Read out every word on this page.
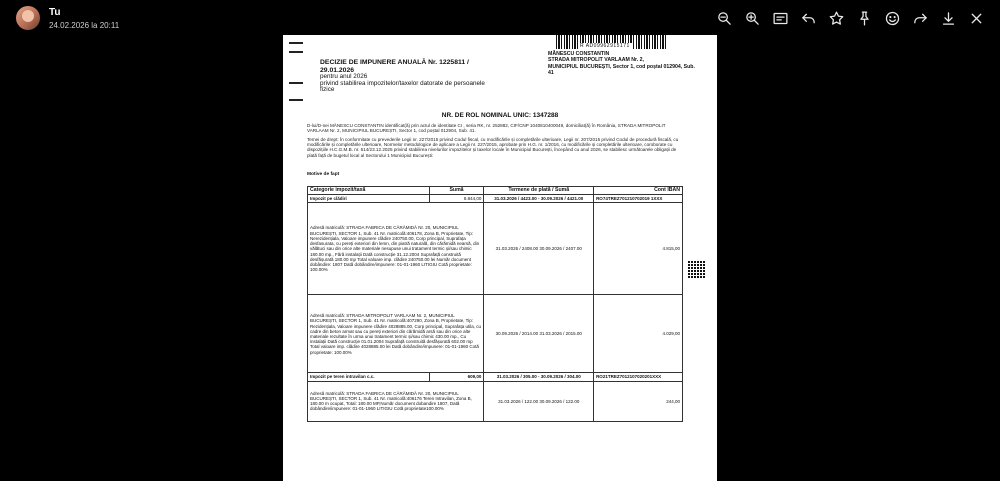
Tu
24.02.2026 la 20:11
R AD09962915171
DECIZIE DE IMPUNERE ANUALĂ Nr. 1225811 / 29.01.2026
pentru anul 2026
privind stabilirea impozitelor/taxelor datorate de persoanele fizice
MĂNESCU CONSTANTIN
STRADA MITROPOLIT VARLAAM Nr. 2,
MUNICIPIUL BUCUREȘTI, Sector 1, cod poștal 012904, Sub. 41
NR. DE ROL NOMINAL UNIC: 1347288
D-lui/D-nei MĂNESCU CONSTANTIN identificat(ă) prin actul de identitate CI , seria RK, nr. 252882, CIF/CNP 1040810400049, domiciliat(ă) în România, STRADA MITROPOLIT VARLAAM Nr. 2, MUNICIPIUL BUCUREȘTI, Sector 1, cod poștal 012904, Sub. 41.
Temei de drept: În conformitate cu prevederile Legii nr. 227/2015 privind Codul fiscal, cu modificările și completările ulterioare, Legii nr. 207/2015 privind Codul de procedură fiscală, cu modificările și completările ulterioare, Normelor metodologice de aplicare a Legii nr. 227/2015, aprobate prin H.G. nr. 1/2016, cu modificările și completările ulterioare, coroborate cu dispozițiile H.C.G.M.B. nr. 514/23.12.2025 privind stabilirea nivelurilor impozitelor și taxelor locale în Municipiul București, începând cu anul 2026, se stabilesc următoarele obligații de plată față de bugetul local al Sectorului 1 Municipiul București:
Motive de fapt
Categorie impozit/taxă	Sumă	Termene de plată / Sumă	Cont IBAN
Impozit pe clădiri	8.844,00	31.03.2026 / 4423.00 - 30.09.2026 / 4421.00	RO74TREZ701210702019 1XXX
Adresă matricolă: STRADA FABRICA DE CĂRĂMIDĂ Nr. 20, MUNICIPIUL BUCUREȘTI, SECTOR 1, Sub. 41 Nr. matricolă:406178, Zona B, Proprietate, Tip: Nerezidențiala, Valoare impunere clădire 240750.00, Corp principal, Suprafața desfasurata, cu pereți exteriori din lemn, din piatră naturală, din cărămidă nearsă, din vălătuci sau din orice alte materiale nesupuse unui tratament termic și/sau chimic 180.00 mp., Fără instalații Dată construcție 31.12.2004 Suprafață construită desfășurată 180.00 mp Total valoare imp. clădire 240750.00 lei Număr document dobândire: 1807 Dată dobândire/impunere: 01-01-1960 LITIGIU Cotă proprietate: 100.00%		31.03.2026 / 2408.00 30.09.2026 / 2407.00	4.815,00
Adresă matricolă: STRADA MITROPOLIT VARLAAM Nr. 2, MUNICIPIUL BUCUREȘTI, SECTOR 1, Sub. 41 Nr. matricolă:407290, Zona B, Proprietate, Tip: Rezidențiala, Valoare impunere clădire 4028885.00, Corp principal, Suprafața utila, cu cadre din beton armat sau cu pereți exteriori din cărămidă arsă sau din orice alte materiale rezultate în urma unui tratament termic și/sau chimic 430.00 mp., Cu instalații Dată construcție 01.01.2004 Suprafață construită desfășurată 602.00 mp Total valoare imp. clădire 4028885.00 lei Dată dobândire/impunere: 01-01-1960 Cotă proprietate: 100.00%		30.09.2026 / 2014.00 31.03.2026 / 2015.00	4.029,00
Impozit pe teren intravilan c.c.	609,00	31.03.2026 / 305.00 - 30.09.2026 / 304.00	RO21TREZ7012107020201XXX
Adresă matricolă: STRADA FABRICA DE CĂRĂMIDĂ Nr. 20, MUNICIPIUL BUCUREȘTI, SECTOR 1, Sub. 41 Nr. matricolă:406176 Teren Intravilan, Zona B, 180.00 m ocupat, Total: 180.00 MP,Număr document dobandire 1807, Dată dobândire/impunere: 01-01-1960 LITIGIU Cotă proprietate100.00%		31.03.2026 / 122.00 30.09.2026 / 122.00	244,00
